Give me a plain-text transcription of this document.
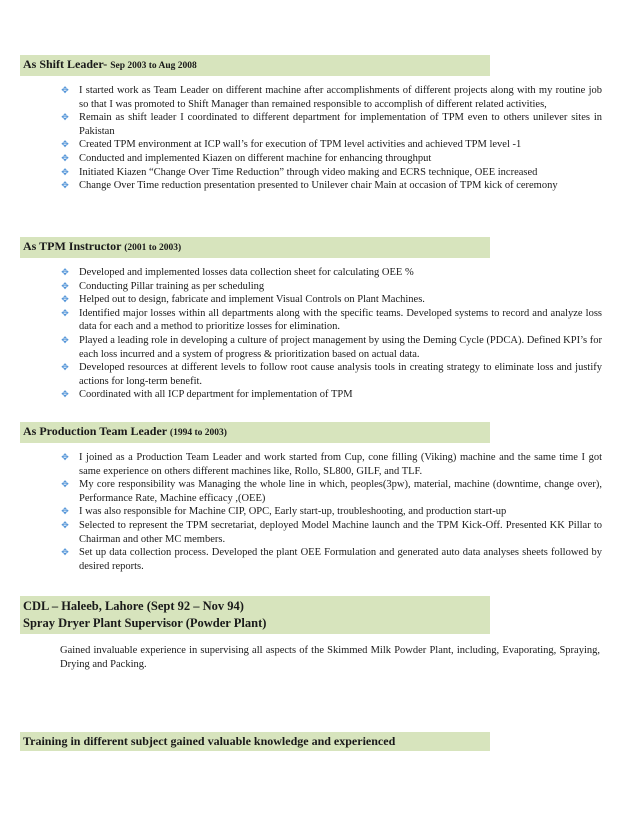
As Shift Leader- Sep 2003 to Aug 2008
✥ I started work as Team Leader on different machine after accomplishments of different projects along with my routine job so that I was promoted to Shift Manager than remained responsible to accomplish of different related activities,
✥ Remain as shift leader I coordinated to different department for implementation of TPM even to others unilever sites in Pakistan
✥ Created TPM environment at ICP wall’s for execution of TPM level activities and achieved TPM level -1
✥ Conducted and implemented Kiazen on different machine for enhancing throughput
✥ Initiated Kiazen “Change Over Time Reduction” through video making and ECRS technique, OEE increased
✥ Change Over Time reduction presentation presented to Unilever chair Main at occasion of TPM kick of ceremony
As TPM Instructor (2001 to 2003)
✥ Developed and implemented losses data collection sheet for calculating OEE %
✥ Conducting Pillar training as per scheduling
✥ Helped out to design, fabricate and implement Visual Controls on Plant Machines.
✥ Identified major losses within all departments along with the specific teams. Developed systems to record and analyze loss data for each and a method to prioritize losses for elimination.
✥ Played a leading role in developing a culture of project management by using the Deming Cycle (PDCA). Defined KPI’s for each loss incurred and a system of progress & prioritization based on actual data.
✥ Developed resources at different levels to follow root cause analysis tools in creating strategy to eliminate loss and justify actions for long-term benefit.
✥ Coordinated with all ICP department for implementation of TPM
As Production Team Leader (1994 to 2003)
✥ I joined as a Production Team Leader and work started from Cup, cone filling (Viking) machine and the same time I got same experience on others different machines like, Rollo, SL800, GILF, and TLF.
✥ My core responsibility was Managing the whole line in which, peoples(3pw), material, machine (downtime, change over), Performance Rate, Machine efficacy ,(OEE)
✥ I was also responsible for Machine CIP, OPC, Early start-up, troubleshooting, and production start-up
✥ Selected to represent the TPM secretariat, deployed Model Machine launch and the TPM Kick-Off. Presented KK Pillar to Chairman and other MC members.
✥ Set up data collection process. Developed the plant OEE Formulation and generated auto data analyses sheets followed by desired reports.
CDL – Haleeb, Lahore (Sept 92 – Nov 94)
Spray Dryer Plant Supervisor (Powder Plant)
Gained invaluable experience in supervising all aspects of the Skimmed Milk Powder Plant, including, Evaporating, Spraying, Drying and Packing.
Training in different subject gained valuable knowledge and experienced
